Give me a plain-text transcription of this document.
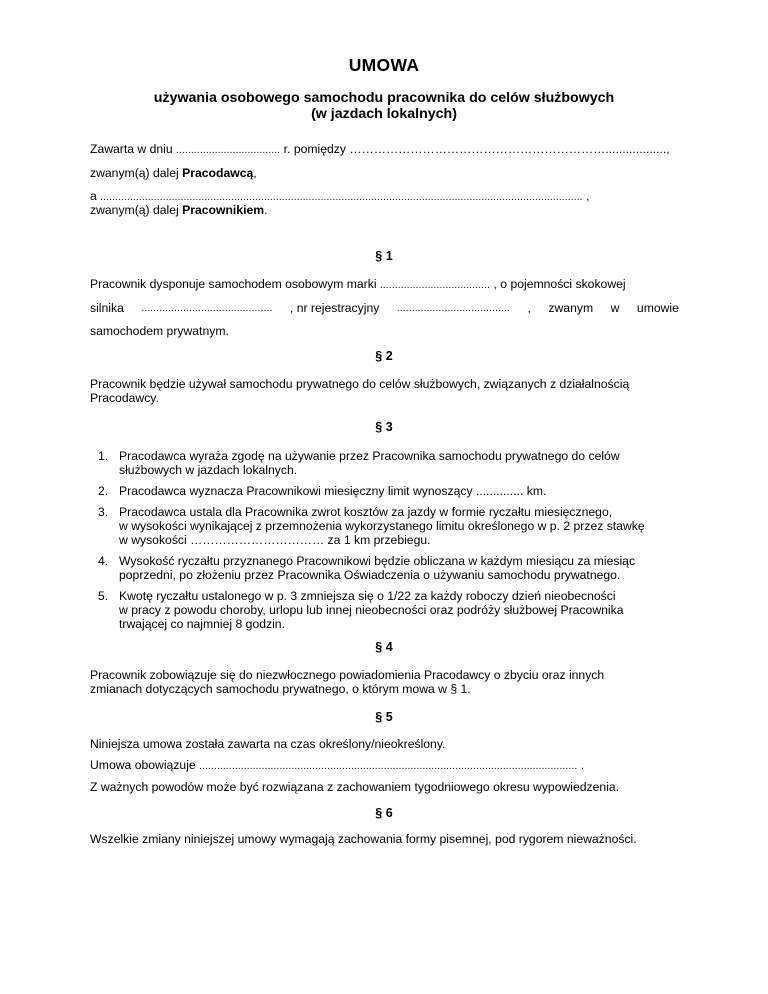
UMOWA
używania osobowego samochodu pracownika do celów służbowych
(w jazdach lokalnych)
Zawarta w dniu ................................... r. pomiędzy ………………………………………………………..................,
zwanym(ą) dalej Pracodawcą,
a .................................................................................................................................................................. ,
zwanym(ą) dalej Pracownikiem.
§ 1
Pracownik dysponuje samochodem osobowym marki ..................................... , o pojemności skokowej
silnika ............................................ , nr rejestracyjny ...................................... , zwanym w umowie
samochodem prywatnym.
§ 2
Pracownik będzie używał samochodu prywatnego do celów służbowych, związanych z działalnością
Pracodawcy.
§ 3
1. Pracodawca wyraża zgodę na używanie przez Pracownika samochodu prywatnego do celów
służbowych w jazdach lokalnych.
2. Pracodawca wyznacza Pracownikowi miesięczny limit wynoszący .............. km.
3. Pracodawca ustala dla Pracownika zwrot kosztów za jazdy w formie ryczałtu miesięcznego,
w wysokości wynikającej z przemnożenia wykorzystanego limitu określonego w p. 2 przez stawkę
w wysokości …………………………… za 1 km przebiegu.
4. Wysokość ryczałtu przyznanego Pracownikowi będzie obliczana w każdym miesiącu za miesiąc
poprzedni, po złożeniu przez Pracownika Oświadczenia o używaniu samochodu prywatnego.
5. Kwotę ryczałtu ustalonego w p. 3 zmniejsza się o 1/22 za każdy roboczy dzień nieobecności
w pracy z powodu choroby, urlopu lub innej nieobecności oraz podróży służbowej Pracownika
trwającej co najmniej 8 godzin.
§ 4
Pracownik zobowiązuje się do niezwłocznego powiadomienia Pracodawcy o zbyciu oraz innych
zmianach dotyczących samochodu prywatnego, o którym mowa w § 1.
§ 5
Niniejsza umowa została zawarta na czas określony/nieokreślony.
Umowa obowiązuje ............................................................................................................................... .
Z ważnych powodów może być rozwiązana z zachowaniem tygodniowego okresu wypowiedzenia.
§ 6
Wszelkie zmiany niniejszej umowy wymagają zachowania formy pisemnej, pod rygorem nieważności.
